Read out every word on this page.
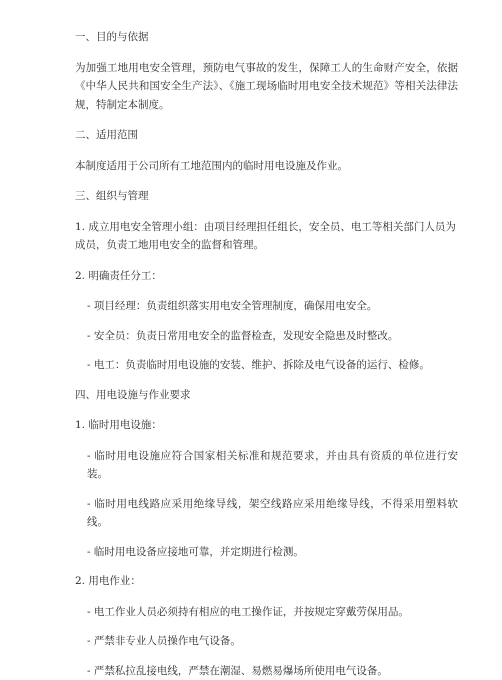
一、目的与依据

为加强工地用电安全管理，预防电气事故的发生，保障工人的生命财产安全，依据《中华人民共和国安全生产法》、《施工现场临时用电安全技术规范》等相关法律法规，特制定本制度。

二、适用范围

本制度适用于公司所有工地范围内的临时用电设施及作业。

三、组织与管理

1. 成立用电安全管理小组：由项目经理担任组长，安全员、电工等相关部门人员为成员，负责工地用电安全的监督和管理。

2. 明确责任分工：

- 项目经理：负责组织落实用电安全管理制度，确保用电安全。

- 安全员：负责日常用电安全的监督检查，发现安全隐患及时整改。

- 电工：负责临时用电设施的安装、维护、拆除及电气设备的运行、检修。

四、用电设施与作业要求

1. 临时用电设施：

- 临时用电设施应符合国家相关标准和规范要求，并由具有资质的单位进行安装。

- 临时用电线路应采用绝缘导线，架空线路应采用绝缘导线，不得采用塑料软线。

- 临时用电设备应接地可靠，并定期进行检测。

2. 用电作业：

- 电工作业人员必须持有相应的电工操作证，并按规定穿戴劳保用品。

- 严禁非专业人员操作电气设备。

- 严禁私拉乱接电线，严禁在潮湿、易燃易爆场所使用电气设备。
